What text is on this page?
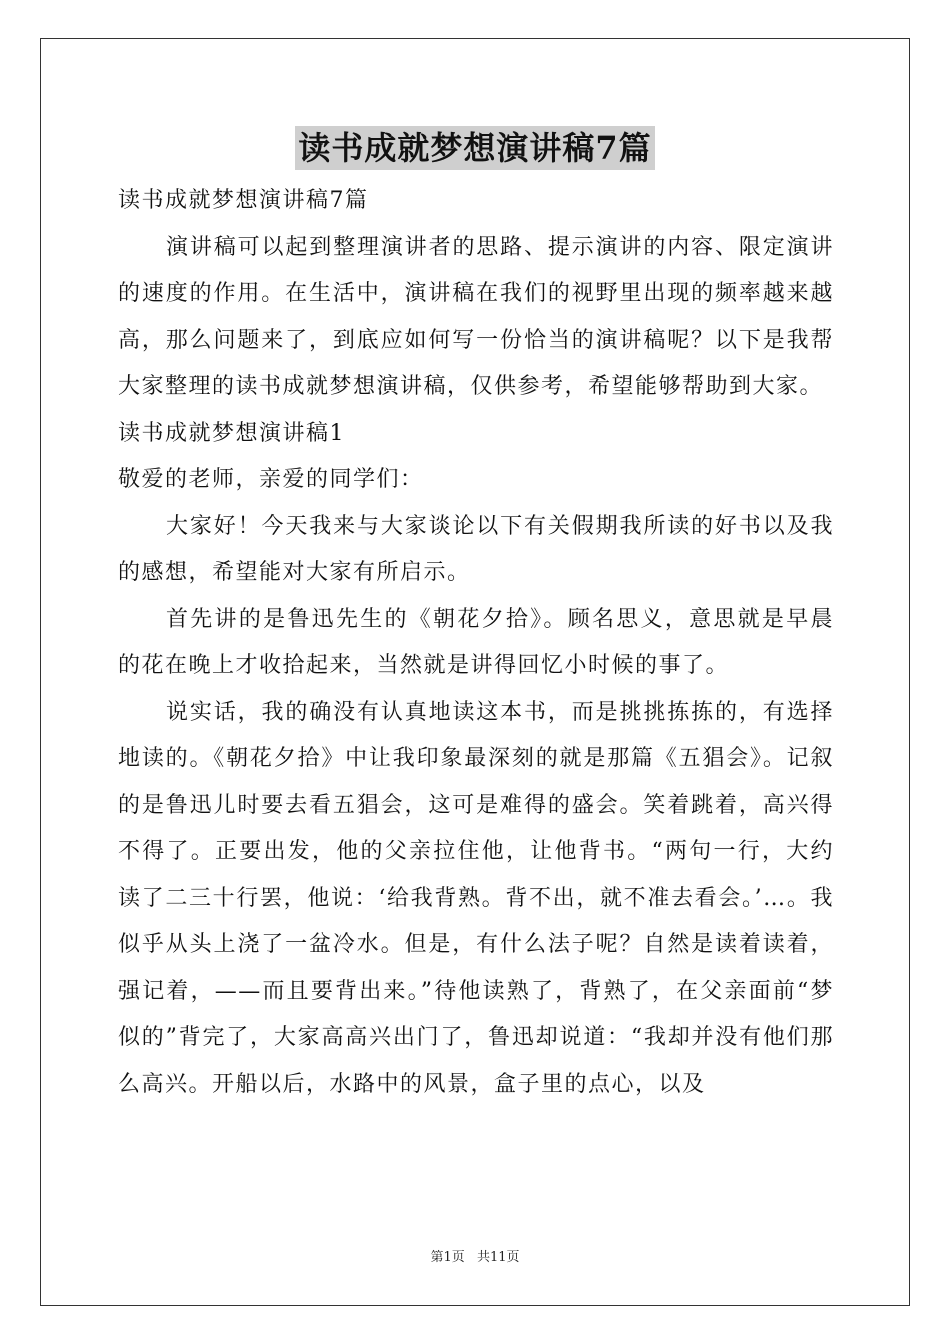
读书成就梦想演讲稿7篇

读书成就梦想演讲稿7篇

演讲稿可以起到整理演讲者的思路、提示演讲的内容、限定演讲的速度的作用。在生活中，演讲稿在我们的视野里出现的频率越来越高，那么问题来了，到底应如何写一份恰当的演讲稿呢？以下是我帮大家整理的读书成就梦想演讲稿，仅供参考，希望能够帮助到大家。

读书成就梦想演讲稿1

敬爱的老师，亲爱的同学们：

大家好！今天我来与大家谈论以下有关假期我所读的好书以及我的感想，希望能对大家有所启示。

首先讲的是鲁迅先生的《朝花夕拾》。顾名思义，意思就是早晨的花在晚上才收拾起来，当然就是讲得回忆小时候的事了。

说实话，我的确没有认真地读这本书，而是挑挑拣拣的，有选择地读的。《朝花夕拾》中让我印象最深刻的就是那篇《五猖会》。记叙的是鲁迅儿时要去看五猖会，这可是难得的盛会。笑着跳着，高兴得不得了。正要出发，他的父亲拉住他，让他背书。“两句一行，大约读了二三十行罢，他说：‘给我背熟。背不出，就不准去看会。’…。我似乎从头上浇了一盆冷水。但是，有什么法子呢？自然是读着读着，强记着，——而且要背出来。”待他读熟了，背熟了，在父亲面前“梦似的”背完了，大家高高兴出门了，鲁迅却说道：“我却并没有他们那么高兴。开船以后，水路中的风景，盒子里的点心，以及

第1页 共11页
